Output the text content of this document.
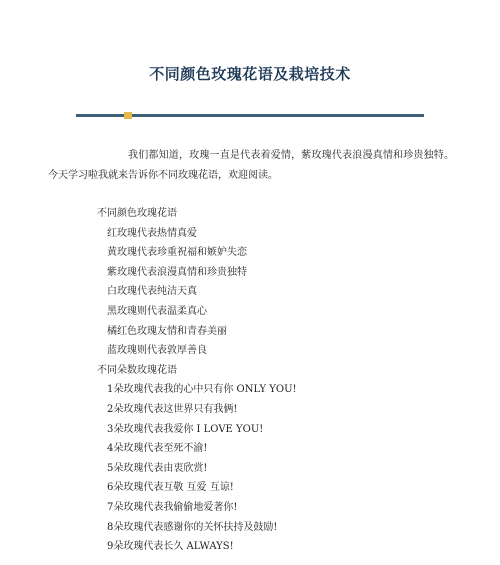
不同颜色玫瑰花语及栽培技术
我们都知道，玫瑰一直是代表着爱情，紫玫瑰代表浪漫真情和珍贵独特。今天学习啦我就来告诉你不同玫瑰花语，欢迎阅读。
不同颜色玫瑰花语
红玫瑰代表热情真爱
黄玫瑰代表珍重祝福和嫉妒失恋
紫玫瑰代表浪漫真情和珍贵独特
白玫瑰代表纯洁天真
黑玫瑰则代表温柔真心
橘红色玫瑰友情和青春美丽
蓝玫瑰则代表敦厚善良
不同朵数玫瑰花语
1朵玫瑰代表我的心中只有你 ONLY YOU!
2朵玫瑰代表这世界只有我俩!
3朵玫瑰代表我爱你 I LOVE YOU!
4朵玫瑰代表至死不渝!
5朵玫瑰代表由衷欣赏!
6朵玫瑰代表互敬 互爱 互谅!
7朵玫瑰代表我偷偷地爱著你!
8朵玫瑰代表感谢你的关怀扶持及鼓励!
9朵玫瑰代表长久 ALWAYS!
